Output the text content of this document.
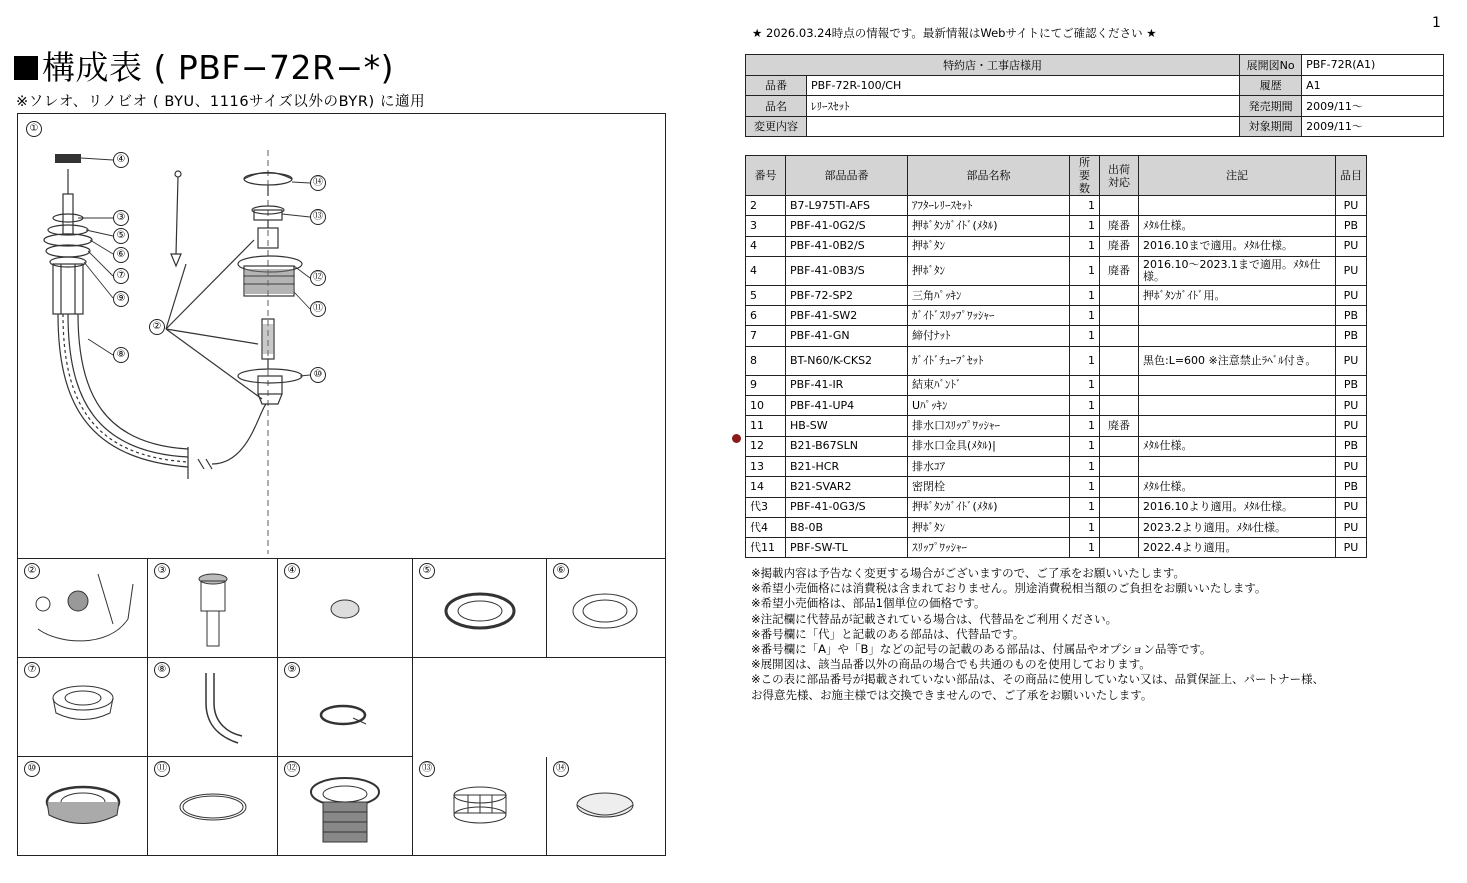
構成表 ( PBF−72R−*)
※ソレオ、リノビオ ( BYU、1116サイズ以外のBYR) に適用
①
④
③
⑤
⑥
⑦
⑨
⑧
②
⑭
⑬
⑫
⑪
⑩
②	③	④	⑤	⑥
⑦	⑧	⑨
⑩	⑪	⑫	⑬	⑭
★ 2026.03.24時点の情報です。最新情報はWebサイトにてご確認ください ★
1
特約店・工事店様用		展開図No	PBF-72R(A1)
品番	PBF-72R-100/CH	履歴	A1
品名	ﾚﾘｰｽｾｯﾄ	発売期間	2009/11〜
変更内容		対象期間	2009/11〜
番号	部品品番	部品名称	所要数	出荷対応	注記	品目
2	B7-L975TI-AFS	ｱﾌﾀｰﾚﾘｰｽｾｯﾄ	1			PU
3	PBF-41-0G2/S	押ﾎﾞﾀﾝｶﾞｲﾄﾞ(ﾒﾀﾙ)	1	廃番	ﾒﾀﾙ仕様。	PB
4	PBF-41-0B2/S	押ﾎﾞﾀﾝ	1	廃番	2016.10まで適用。ﾒﾀﾙ仕様。	PU
4	PBF-41-0B3/S	押ﾎﾞﾀﾝ	1	廃番	2016.10〜2023.1まで適用。ﾒﾀﾙ仕様。	PU
5	PBF-72-SP2	三角ﾊﾟｯｷﾝ	1		押ﾎﾞﾀﾝｶﾞｲﾄﾞ用。	PU
6	PBF-41-SW2	ｶﾞｲﾄﾞｽﾘｯﾌﾟﾜｯｼｬｰ	1			PB
7	PBF-41-GN	締付ﾅｯﾄ	1			PB
8	BT-N60/K-CKS2	ｶﾞｲﾄﾞﾁｭｰﾌﾞｾｯﾄ	1		黒色:L=600 ※注意禁止ﾗﾍﾞﾙ付き。	PU
9	PBF-41-IR	結束ﾊﾞﾝﾄﾞ	1			PB
10	PBF-41-UP4	Uﾊﾟｯｷﾝ	1			PU
11	HB-SW	排水口ｽﾘｯﾌﾟﾜｯｼｬｰ	1	廃番		PU
12	B21-B67SLN	排水口金具(ﾒﾀﾙ)|	1		ﾒﾀﾙ仕様。	PB
13	B21-HCR	排水ｺｱ	1			PU
14	B21-SVAR2	密閉栓	1		ﾒﾀﾙ仕様。	PB
代3	PBF-41-0G3/S	押ﾎﾞﾀﾝｶﾞｲﾄﾞ(ﾒﾀﾙ)	1		2016.10より適用。ﾒﾀﾙ仕様。	PU
代4	B8-0B	押ﾎﾞﾀﾝ	1		2023.2より適用。ﾒﾀﾙ仕様。	PU
代11	PBF-SW-TL	ｽﾘｯﾌﾟﾜｯｼｬｰ	1		2022.4より適用。	PU
※掲載内容は予告なく変更する場合がございますので、ご了承をお願いいたします。
※希望小売価格には消費税は含まれておりません。別途消費税相当額のご負担をお願いいたします。
※希望小売価格は、部品1個単位の価格です。
※注記欄に代替品が記載されている場合は、代替品をご利用ください。
※番号欄に「代」と記載のある部品は、代替品です。
※番号欄に「A」や「B」などの記号の記載のある部品は、付属品やオプション品等です。
※展開図は、該当品番以外の商品の場合でも共通のものを使用しております。
※この表に部品番号が掲載されていない部品は、その商品に使用していない又は、品質保証上、パートナー様、
お得意先様、お施主様では交換できませんので、ご了承をお願いいたします。
